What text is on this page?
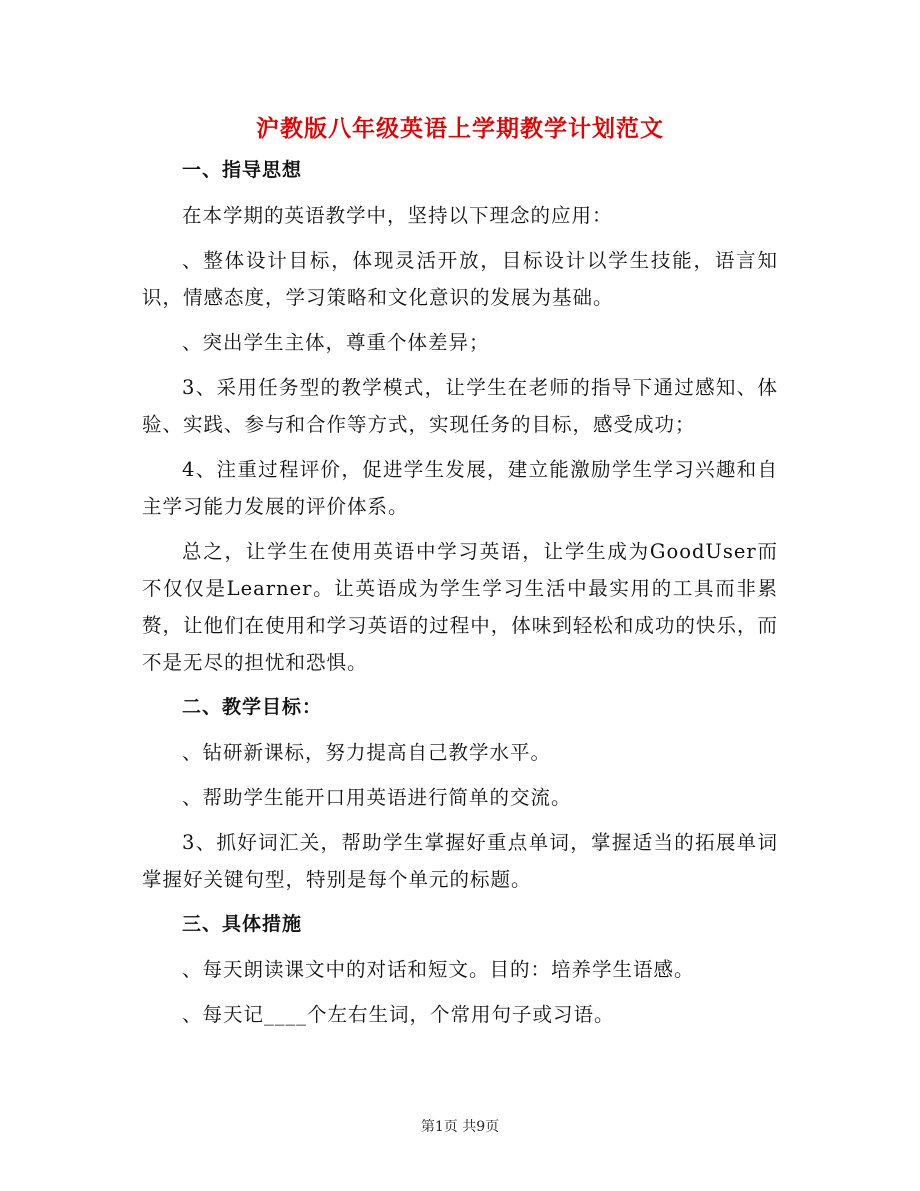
沪教版八年级英语上学期教学计划范文

一、指导思想

在本学期的英语教学中，坚持以下理念的应用：

、整体设计目标，体现灵活开放，目标设计以学生技能，语言知识，情感态度，学习策略和文化意识的发展为基础。

、突出学生主体，尊重个体差异；

3、采用任务型的教学模式，让学生在老师的指导下通过感知、体验、实践、参与和合作等方式，实现任务的目标，感受成功；

4、注重过程评价，促进学生发展，建立能激励学生学习兴趣和自主学习能力发展的评价体系。

总之，让学生在使用英语中学习英语，让学生成为GoodUser而不仅仅是Learner。让英语成为学生学习生活中最实用的工具而非累赘，让他们在使用和学习英语的过程中，体味到轻松和成功的快乐，而不是无尽的担忧和恐惧。

二、教学目标：

、钻研新课标，努力提高自己教学水平。

、帮助学生能开口用英语进行简单的交流。

3、抓好词汇关，帮助学生掌握好重点单词，掌握适当的拓展单词掌握好关键句型，特别是每个单元的标题。

三、具体措施

、每天朗读课文中的对话和短文。目的：培养学生语感。

、每天记____个左右生词，个常用句子或习语。

第1页 共9页
